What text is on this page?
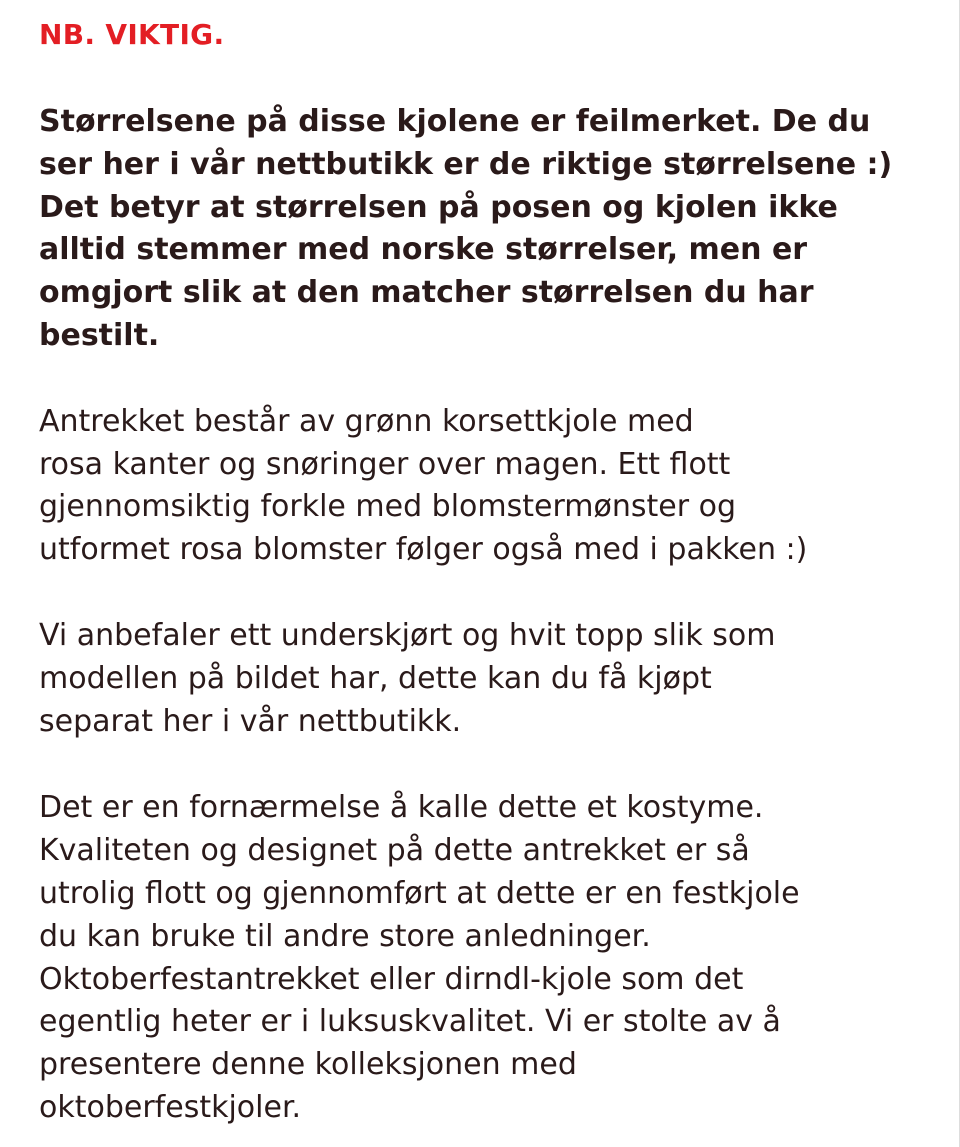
NB. VIKTIG.

Størrelsene på disse kjolene er feilmerket. De du
ser her i vår nettbutikk er de riktige størrelsene :)
Det betyr at størrelsen på posen og kjolen ikke
alltid stemmer med norske størrelser, men er
omgjort slik at den matcher størrelsen du har
bestilt.

Antrekket består av grønn korsettkjole med
rosa kanter og snøringer over magen. Ett flott
gjennomsiktig forkle med blomstermønster og
utformet rosa blomster følger også med i pakken :)

Vi anbefaler ett underskjørt og hvit topp slik som
modellen på bildet har, dette kan du få kjøpt
separat her i vår nettbutikk.

Det er en fornærmelse å kalle dette et kostyme.
Kvaliteten og designet på dette antrekket er så
utrolig flott og gjennomført at dette er en festkjole
du kan bruke til andre store anledninger.
Oktoberfestantrekket eller dirndl-kjole som det
egentlig heter er i luksuskvalitet. Vi er stolte av å
presentere denne kolleksjonen med
oktoberfestkjoler.
